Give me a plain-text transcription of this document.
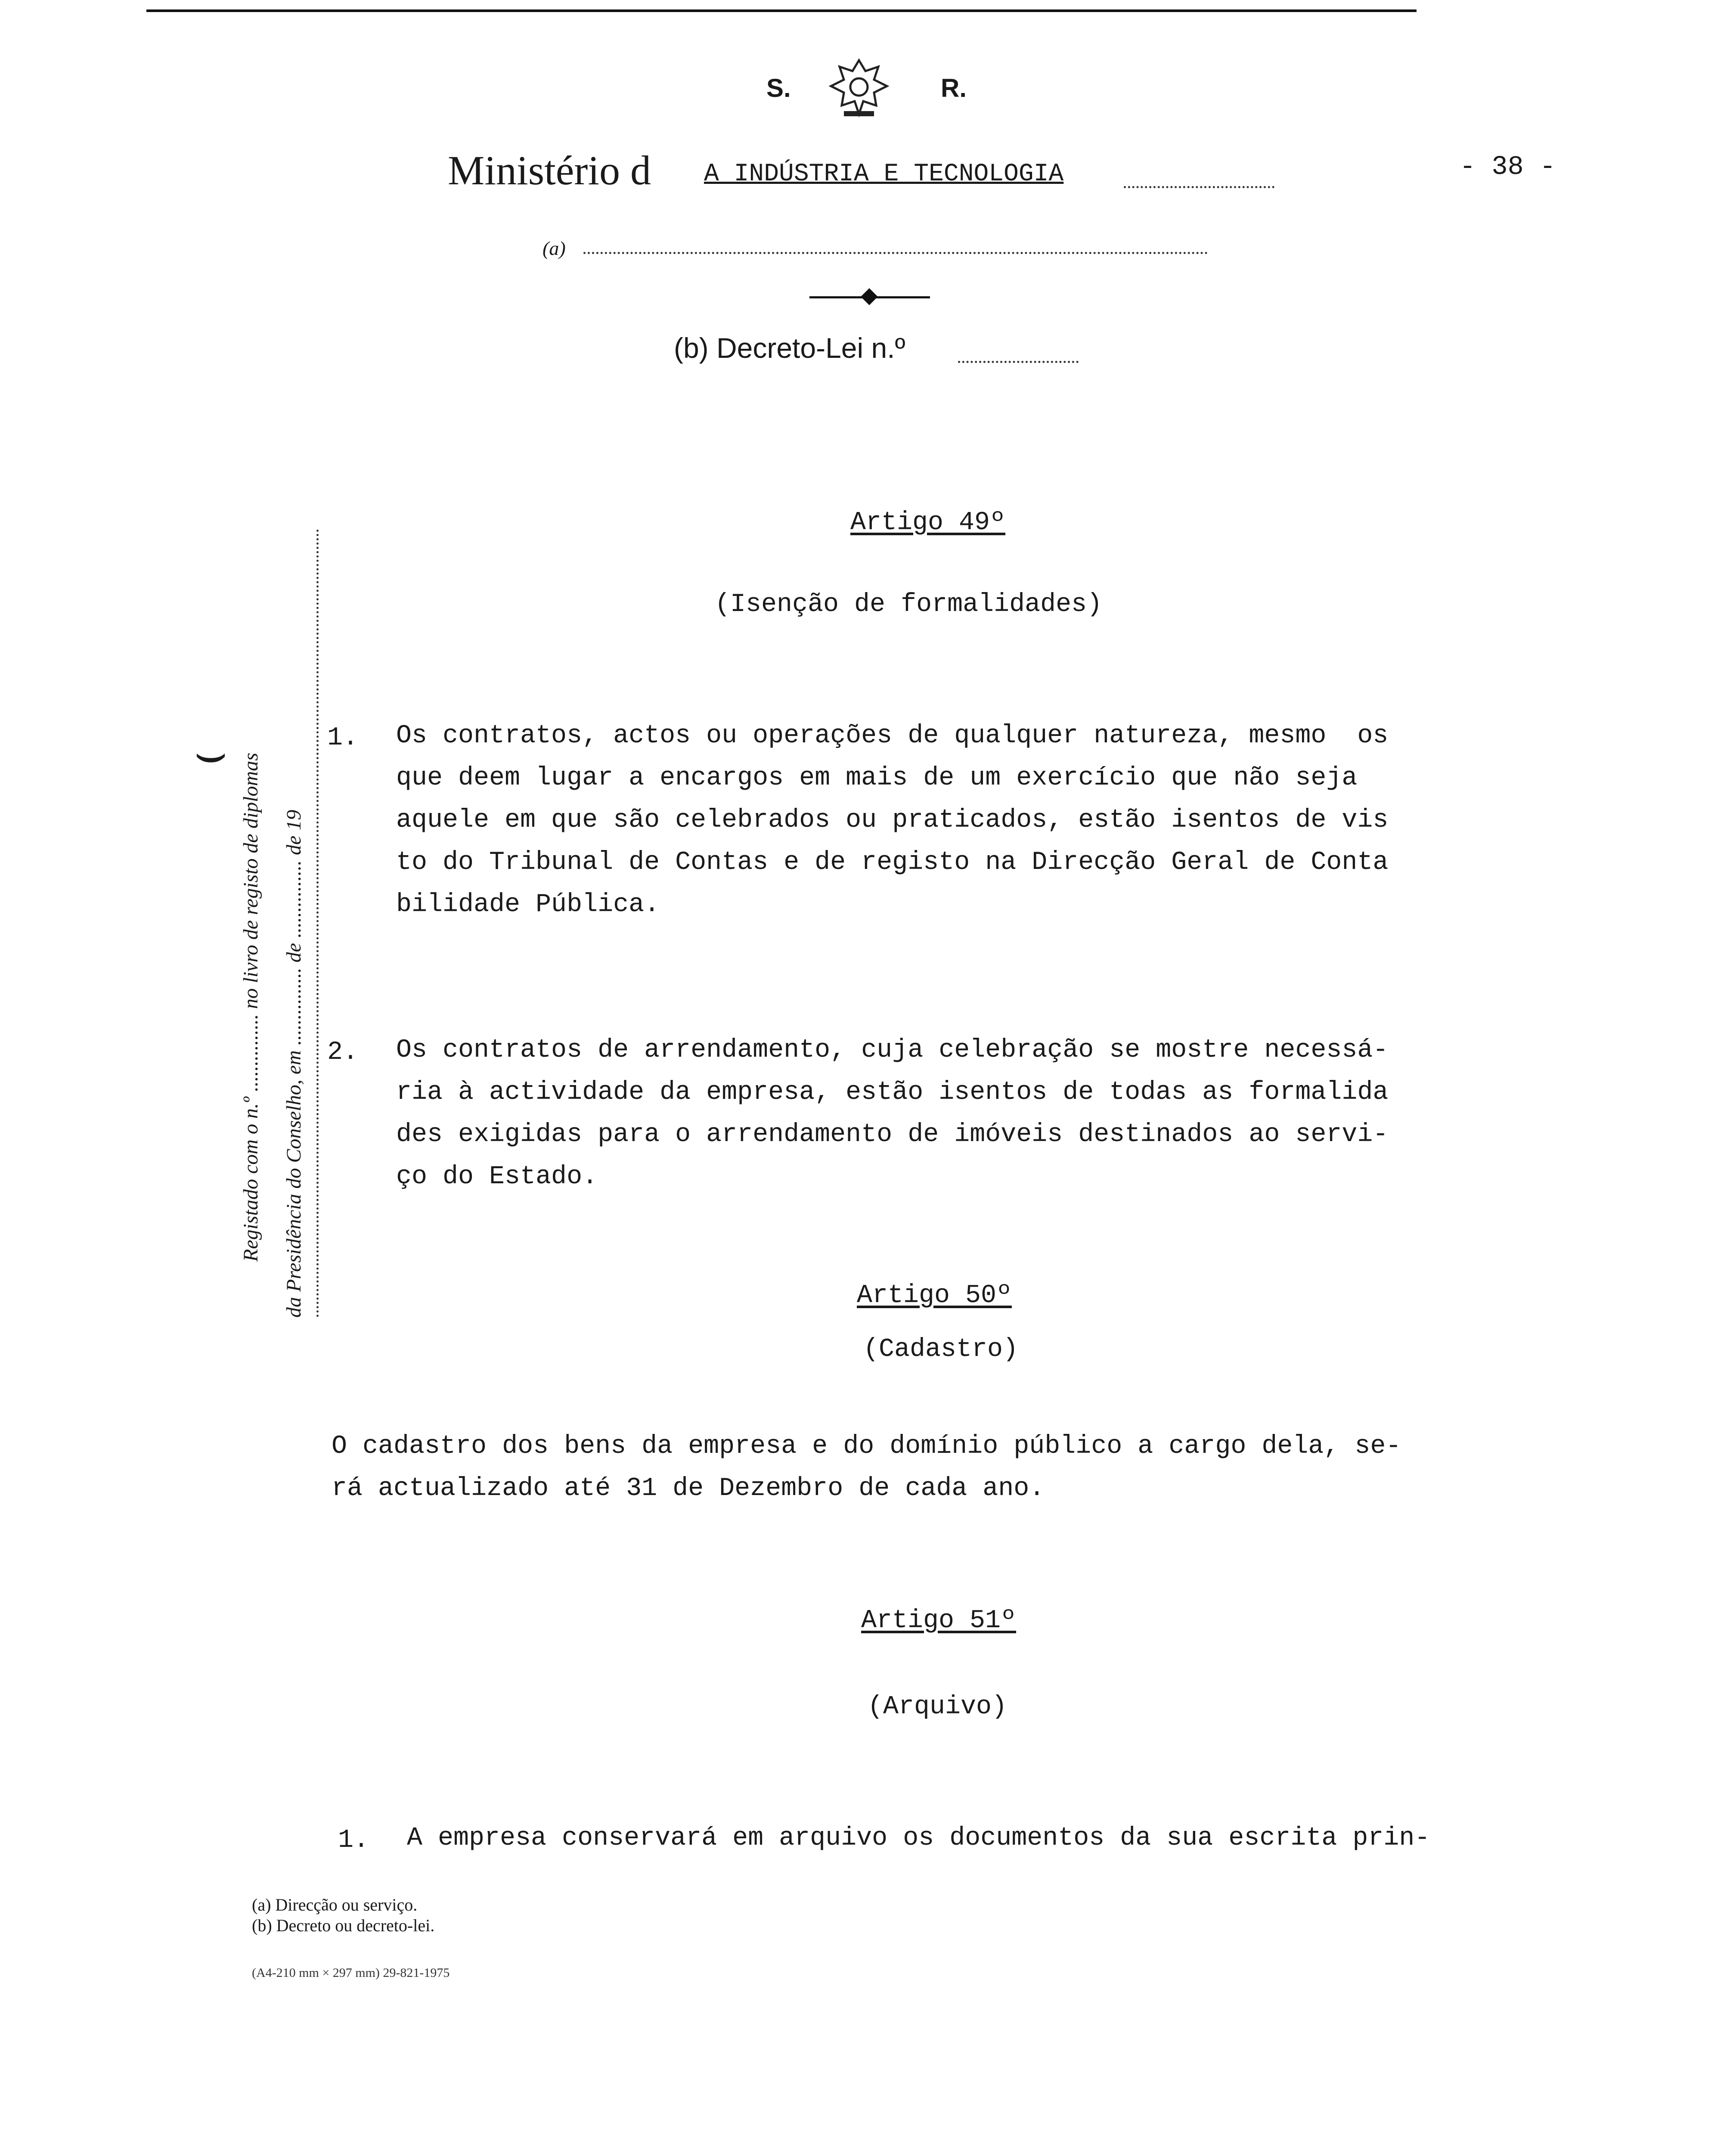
S.	R.
Ministério d A INDÚSTRIA E TECNOLOGIA	- 38 -
(a)
(b) Decreto-Lei n.º
Registado com o n.º ............... no livro de registo de diplomas da Presidência do Conselho, em ............... de ............... de 19
⌣
Artigo 49º
(Isenção de formalidades)
1. Os contratos, actos ou operações de qualquer natureza, mesmo  os
que deem lugar a encargos em mais de um exercício que não seja
aquele em que são celebrados ou praticados, estão isentos de vis
to do Tribunal de Contas e de registo na Direcção Geral de Conta
bilidade Pública.
2. Os contratos de arrendamento, cuja celebração se mostre necessá-
ria à actividade da empresa, estão isentos de todas as formalida
des exigidas para o arrendamento de imóveis destinados ao servi-
ço do Estado.
Artigo 50º
(Cadastro)
O cadastro dos bens da empresa e do domínio público a cargo dela, se-
rá actualizado até 31 de Dezembro de cada ano.
Artigo 51º
(Arquivo)
1. A empresa conservará em arquivo os documentos da sua escrita prin-
(a) Direcção ou serviço.
(b) Decreto ou decreto-lei.
(A4-210 mm × 297 mm) 29-821-1975
